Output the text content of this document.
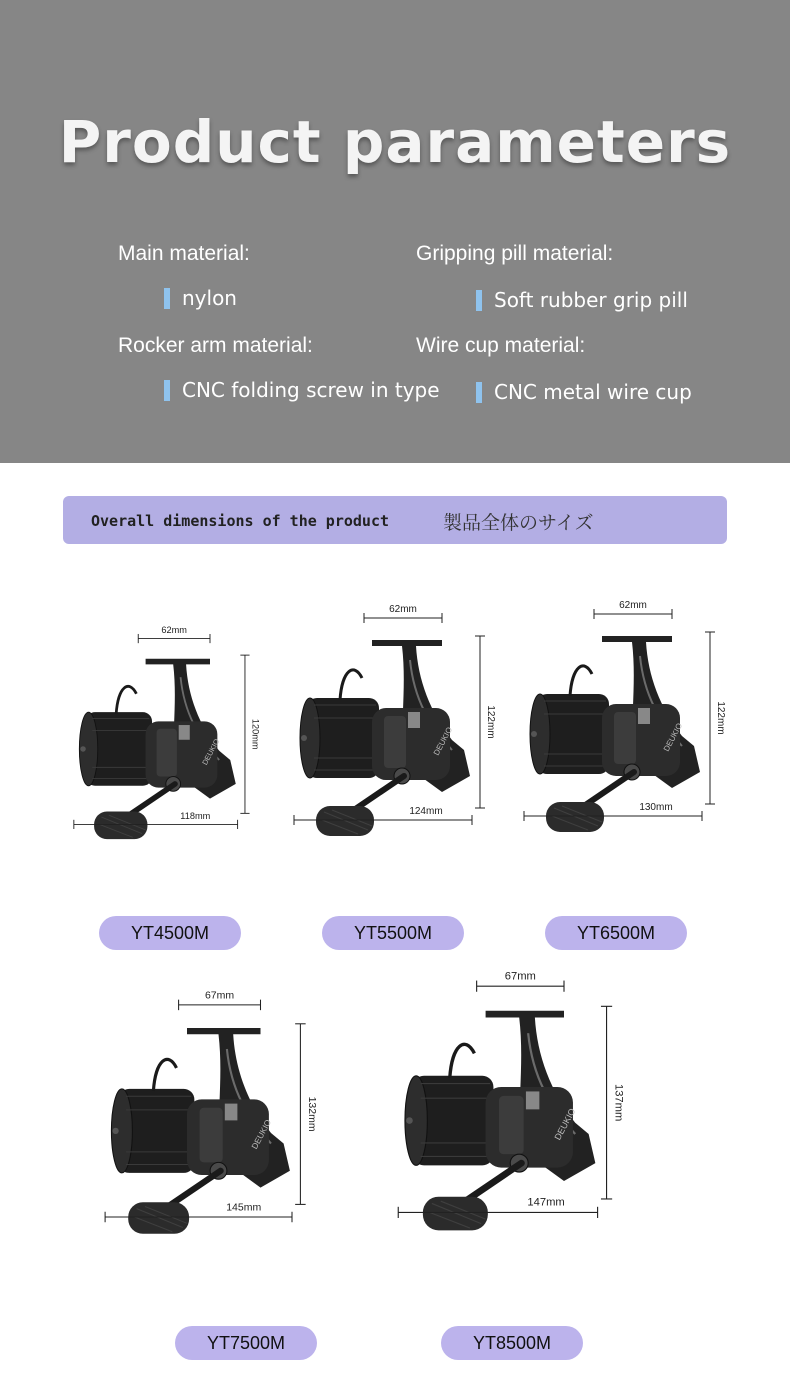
Product parameters
Main material:
nylon
Gripping pill material:
Soft rubber grip pill
Rocker arm material:
CNC folding screw in type
Wire cup material:
CNC metal wire cup
Overall dimensions of the product	製品全体のサイズ
DEUKIO
62mm
120mm
118mm
YT4500M
DEUKIO
62mm
122mm
124mm
YT5500M
DEUKIO
62mm
122mm
130mm
YT6500M
DEUKIO
67mm
132mm
145mm
YT7500M
DEUKIO
67mm
137mm
147mm
YT8500M
